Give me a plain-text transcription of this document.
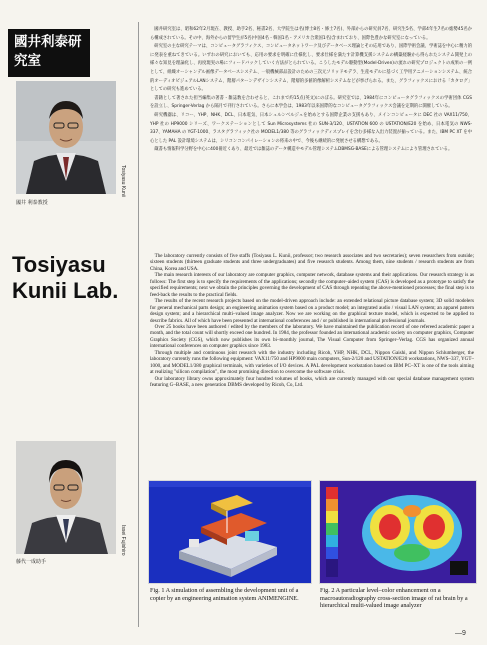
國井利泰研究室
國井 利泰教授
Tosiyasu Kunii
Tosiyasu Kunii Lab.
藤代一成助手
Issei Fujishiro

國井研究室は、昭和62年2月現在、教授、助手2名、秘書2名、大学院生は名(博士8名・修士7名)、外部からの研究員7名、研究生5名、学部4年生7名の総勢45名から構成されている。その中、海外からの留学生が5名(中国4名・韓国1名・アメリカ合衆国1名)含まれており、国際色豊かな研究室になっている。

研究室の主な研究テーマは、コンピュータグラフィクス、コンピュータネットワーク及びデータベース理論とその応用であり、国際学術会議、学術誌を中心に精力的に発表を重ねてきている。いずれの研究においても、応用の要求を明確に仕様化し、要求仕様を満たす計算機支援システムの構築経験から得られたシステム開発上の様々な知見を理論化し、再度現実の場にフィードバックしていく方法がとられている。こうしたモデル駆動型(Model-Driven)の流れの研究プロジェクトの成果の一例として、組織オーシャンデル画像データベースシステム、一般機械部品設計のための三次元ソリッドモデラ、生産モデルに基づく工学用アニメーションシステム、統合的オーディオビジュアルLANシステム、階層パターンデザインシステム、階層的多値的像解析システムなどが挙げられる。また、グラフィックスにおける「カタログ」としての研究も進めている。

書籍として著された担当編集の著書・雑誌数を合わせると、これまで約15点(英文)にのぼる。研究室では、1984年にコンピュータグラフィックスの学術団体 CGS を設立し、Springer-Verlag から隔月で刊行されている。さらに本学会は、1983年以来国際的なコンピュータグラフィックス会議を定期的に開催している。

研究機器は、リコー、YHP、NHK、DCL、日本電気、日本シュルンベルジェを始めとする国際企業の支援もあり、メインコンピュータに DEC 社の VAX11/750、YHP 社の HP9000 シリーズ、ワークステーションとして Sun Microsystems 社の SUN-3/120、USTATION 600 の USTATION/E20 を始め、日本電気の NWS-337、YAMAHA の YGT-1000、ラスタグラフィック社の MODEL1/380 等のグラフィックディスプレイを含む多様な入出力装置が揃っている。また、IBM PC XT を中心とした PAL 設計環境システムは、シリコンコンパイレーションの将来の中で、今後も継続的に発展させる構想である。

蔵書も情報科学分野を中心に400冊近くあり、最近では雑誌のデータ構造やモデル管理システムDBMSG-BASEによる管理システムにより管理されている。

The laboratory currently consists of five staffs (Tosiyasu L. Kunii, professor; two research associates and two secretaries); seven researchers from outside; sixteen students (thirteen graduate students and three undergraduates) and five research students. Among them, nine students / research students are from China, Korea and USA.

The main research interests of our laboratory are computer graphics, computer network, database systems and their applications. Our research strategy is as follows: The first step is to specify the requirements of the applications; secondly the computer–aided system (CAS) is developed as a prototype to satisfy the specified requirements; next we obtain the principles governing the development of CAS through repeating the above-mentioned processes; the final step is to feed-back the results to the practical fields.

The results of the recent research projects based on the model-driven approach include: an extended relational picture database system; 3D solid modelers for general mechanical parts design; an engineering animation system based on a product model; an integrated audio / visual LAN system; an apparel pattern design system; and a hierarchical multi–valued image analyzer. Now we are working on the graphical texture model, which is expected to be applied to describe fabrics. All of which have been presented at international conferences and / or published in international professional journals.

Over 25 books have been authored / edited by the members of the laboratory. We have maintained the publication record of one refereed academic paper a month, and the total count will shortly exceed one hundred. In 1984, the professor founded an international academic society on computer graphics, Computer Graphics Society (CGS), which now publishes its own bi–monthly journal, The Visual Computer from Springer–Verlag. CGS has organized annual international conferences on computer graphics since 1983.

Through multiple and continuous joint research with the industry including Ricoh, YHP, NHK, DCL, Nippon Gaishi, and Nippon Schlumberger, the laboratory currently runs the following equipment: VAX11/750 and HP9000 main computers, Sun-2/120 and USTATION/E20 workstations, NWS–337, YGT–1000, and MODEL1/380 graphical terminals, with varieties of I/O devices. A PAL development workstation based on IBM PC–XT is one of the tools aiming at realizing "silicon compilation", the most promising direction to overcome the software crisis.

Our laboratory library owns approximately four hundred volumes of books, which are currently managed with our special database management system featuring G–BASE, a new generation DBMS developed by Ricoh, Co, Ltd.

Fig. 1 A simulation of assembling the development unit of a copier by an engineering animation system ANIMENGINE.
Fig. 2 A particular level–color enhancement on a macroautoradiography cross-section image of rat brain by a hierarchical multi-valued image analyzer
—9
